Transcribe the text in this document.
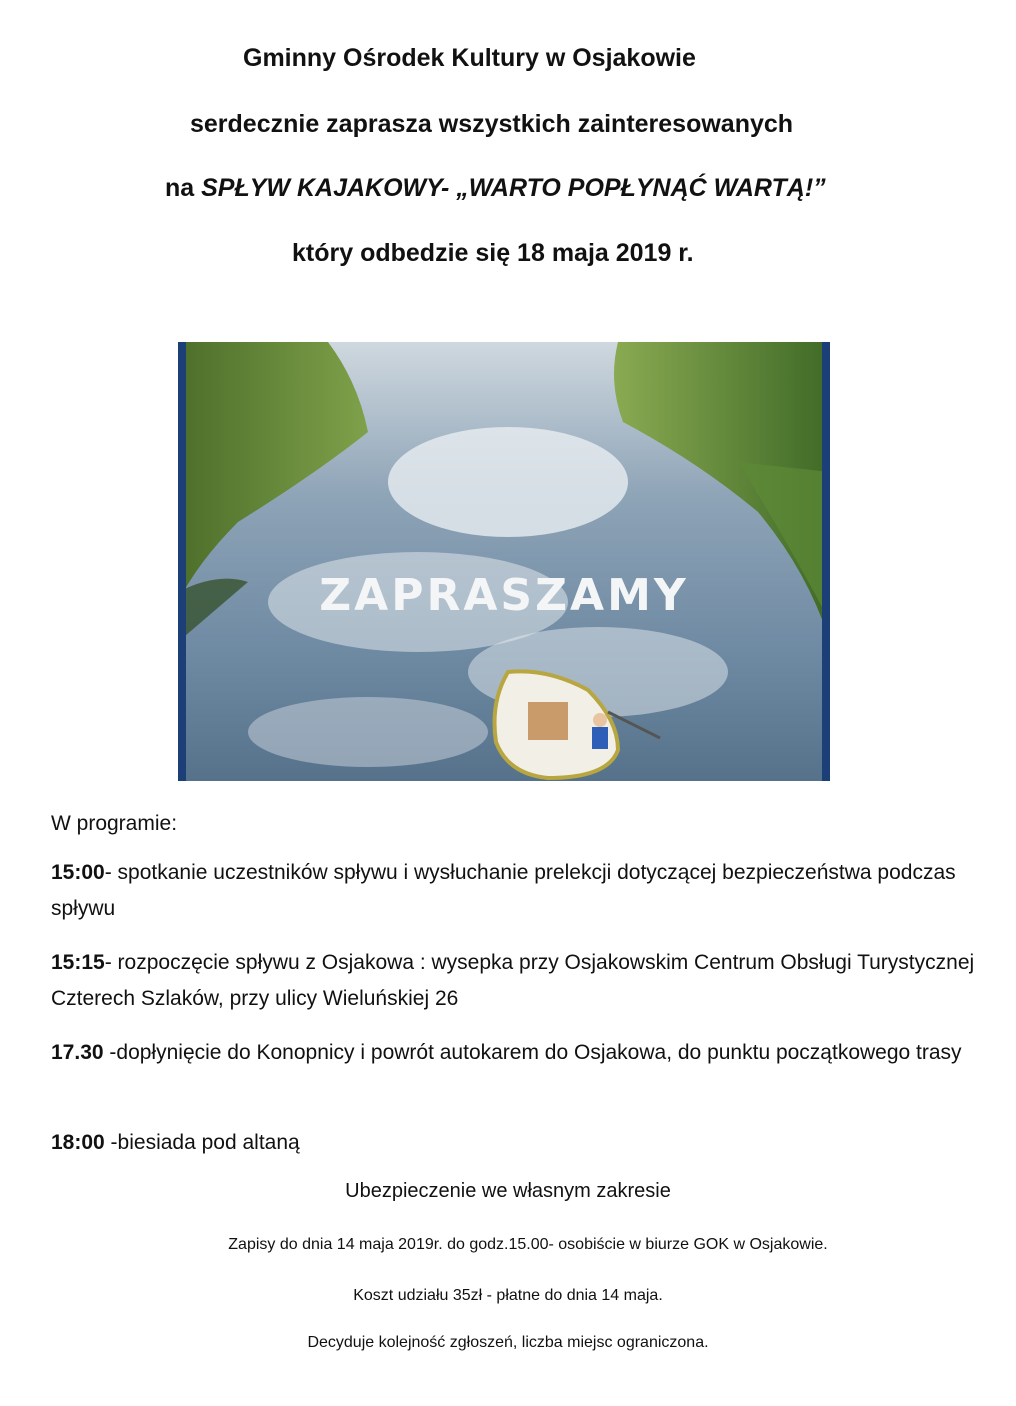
Gminny Ośrodek Kultury w Osjakowie
serdecznie zaprasza wszystkich zainteresowanych
na SPŁYW KAJAKOWY- „WARTO POPŁYNĄĆ WARTĄ!”
który odbedzie się 18 maja 2019 r.
ZAPRASZAMY
W programie:
15:00- spotkanie uczestników spływu i wysłuchanie prelekcji dotyczącej bezpieczeństwa podczas spływu
15:15- rozpoczęcie spływu z Osjakowa : wysepka przy Osjakowskim Centrum Obsługi Turystycznej Czterech Szlaków, przy ulicy Wieluńskiej 26
17.30 -dopłynięcie do Konopnicy i powrót autokarem do Osjakowa, do punktu początkowego trasy
18:00 -biesiada pod altaną
Ubezpieczenie we własnym zakresie
Zapisy do dnia 14 maja 2019r. do godz.15.00- osobiście w biurze GOK w Osjakowie.
Koszt udziału 35zł - płatne do dnia 14 maja.
Decyduje kolejność zgłoszeń, liczba miejsc ograniczona.
